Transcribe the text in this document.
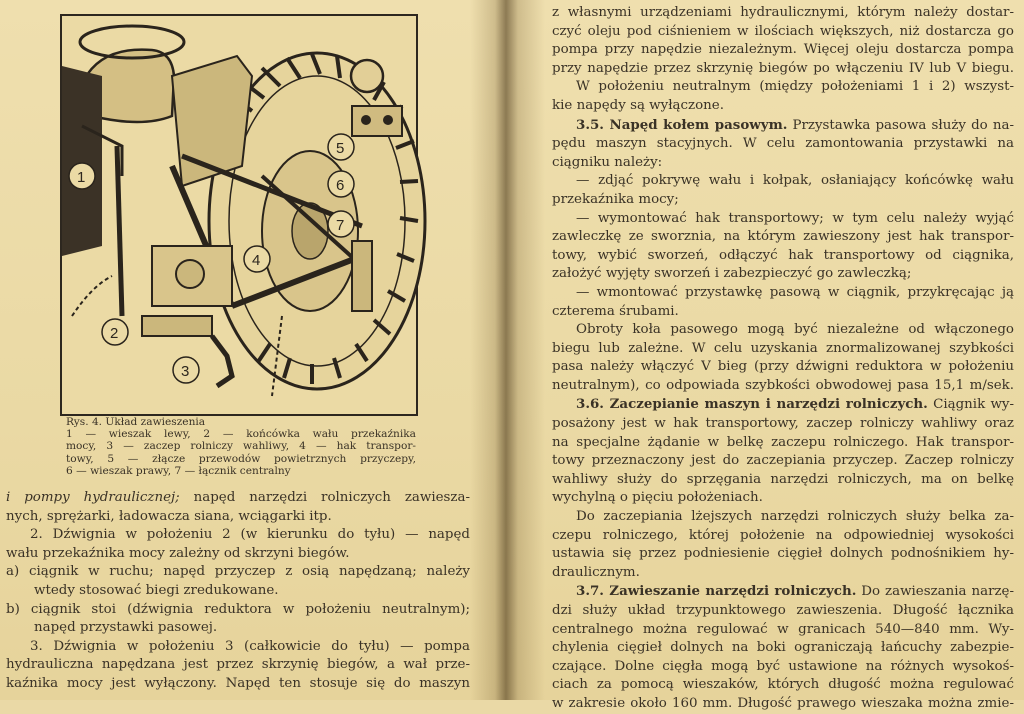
1
2
3
4
5
6
7

Rys. 4. Układ zawieszenia

1 — wieszak lewy, 2 — końcówka wału przekaźnika

mocy, 3 — zaczep rolniczy wahliwy, 4 — hak transpor-

towy, 5 — złącze przewodów powietrznych przyczepy,

6 — wieszak prawy, 7 — łącznik centralny

i pompy hydraulicznej; napęd narzędzi rolniczych zawiesza-
nych, sprężarki, ładowacza siana, wciągarki itp.
2. Dźwignia w położeniu 2 (w kierunku do tyłu) — napęd
wału przekaźnika mocy zależny od skrzyni biegów.
a) ciągnik w ruchu; napęd przyczep z osią napędzaną; należy
wtedy stosować biegi zredukowane.
b) ciągnik stoi (dźwignia reduktora w położeniu neutralnym);
napęd przystawki pasowej.
3. Dźwignia w położeniu 3 (całkowicie do tyłu) — pompa
hydrauliczna napędzana jest przez skrzynię biegów, a wał prze-
kaźnika mocy jest wyłączony. Napęd ten stosuje się do maszyn
z własnymi urządzeniami hydraulicznymi, którym należy dostar-
czyć oleju pod ciśnieniem w ilościach większych, niż dostarcza go
pompa przy napędzie niezależnym. Więcej oleju dostarcza pompa
przy napędzie przez skrzynię biegów po włączeniu IV lub V biegu.
W położeniu neutralnym (między położeniami 1 i 2) wszyst-
kie napędy są wyłączone.
3.5. Napęd kołem pasowym. Przystawka pasowa służy do na-
pędu maszyn stacyjnych. W celu zamontowania przystawki na
ciągniku należy:
— zdjąć pokrywę wału i kołpak, osłaniający końcówkę wału
przekaźnika mocy;
— wymontować hak transportowy; w tym celu należy wyjąć
zawleczkę ze sworznia, na którym zawieszony jest hak transpor-
towy, wybić sworzeń, odłączyć hak transportowy od ciągnika,
założyć wyjęty sworzeń i zabezpieczyć go zawleczką;
— wmontować przystawkę pasową w ciągnik, przykręcając ją
czterema śrubami.
Obroty koła pasowego mogą być niezależne od włączonego
biegu lub zależne. W celu uzyskania znormalizowanej szybkości
pasa należy włączyć V bieg (przy dźwigni reduktora w położeniu
neutralnym), co odpowiada szybkości obwodowej pasa 15,1 m/sek.
3.6. Zaczepianie maszyn i narzędzi rolniczych. Ciągnik wy-
posażony jest w hak transportowy, zaczep rolniczy wahliwy oraz
na specjalne żądanie w belkę zaczepu rolniczego. Hak transpor-
towy przeznaczony jest do zaczepiania przyczep. Zaczep rolniczy
wahliwy służy do sprzęgania narzędzi rolniczych, ma on belkę
wychylną o pięciu położeniach.
Do zaczepiania lżejszych narzędzi rolniczych służy belka za-
czepu rolniczego, której położenie na odpowiedniej wysokości
ustawia się przez podniesienie cięgieł dolnych podnośnikiem hy-
draulicznym.
3.7. Zawieszanie narzędzi rolniczych. Do zawieszania narzę-
dzi służy układ trzypunktowego zawieszenia. Długość łącznika
centralnego można regulować w granicach 540—840 mm. Wy-
chylenia cięgieł dolnych na boki ograniczają łańcuchy zabezpie-
czające. Dolne cięgła mogą być ustawione na różnych wysokoś-
ciach za pomocą wieszaków, których długość można regulować
w zakresie około 160 mm. Długość prawego wieszaka można zmie-
